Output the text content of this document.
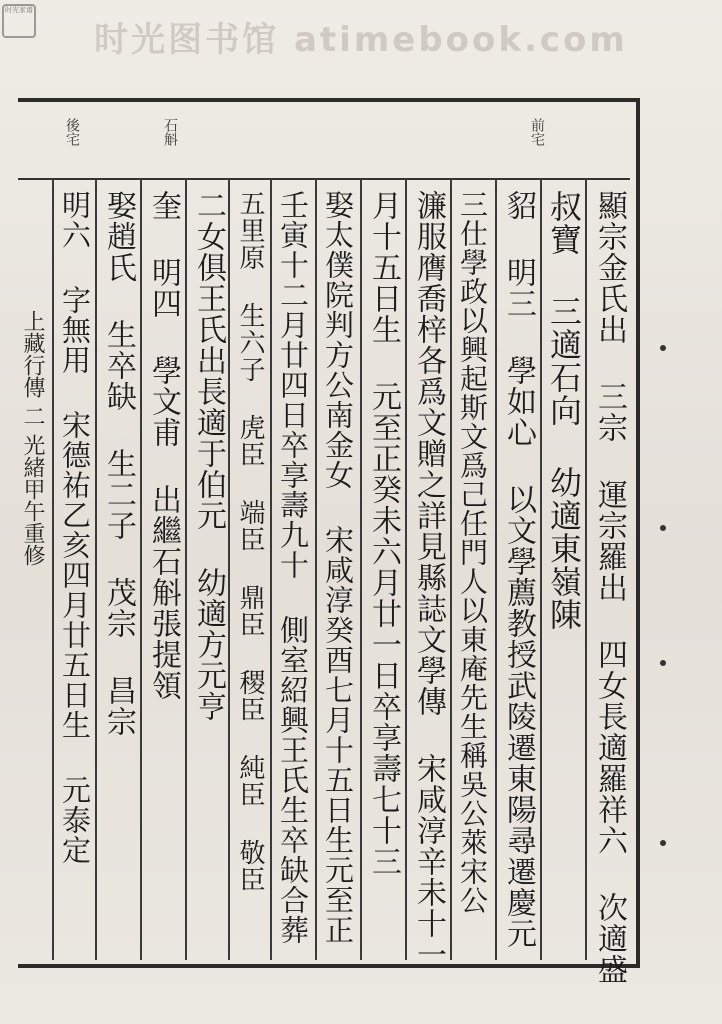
时光图书馆 atimebook.com
时光家谱
前宅
石斛
後宅
顯宗金氏出 三宗 運宗羅出 四女長適羅祥六 次適盛
叔寶 三適石向 幼適東嶺陳
貂 明三 學如心 以文學薦教授武陵遷東陽尋遷慶元
三仕學政以興起斯文爲己任門人以東庵先生稱吳公萊宋公
濂服膺喬梓各爲文贈之詳見縣誌文學傳 宋咸淳辛未十一
月十五日生 元至正癸未六月廿一日卒享壽七十三
娶太僕院判方公南金女 宋咸淳癸酉七月十五日生元至正
壬寅十二月廿四日卒享壽九十 側室紹興王氏生卒缺合葬
五里原 生六子 虎臣 端臣 鼎臣 稷臣 純臣 敬臣
二女俱王氏出長適于伯元 幼適方元亨
奎 明四 學文甫 出繼石斛張提領
娶趙氏 生卒缺 生二子 茂宗 昌宗
明六 字無用 宋德祐乙亥四月廿五日生 元泰定
上藏行傳 二 光緒甲午重修
